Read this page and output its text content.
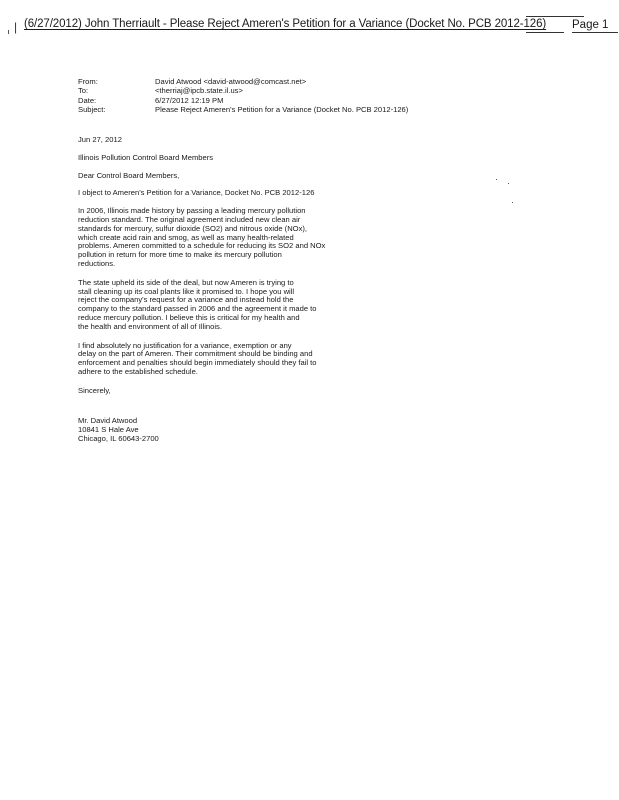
| (6/27/2012) John Therriault - Please Reject Ameren's Petition for a Variance (Docket No. PCB 2012-126) Page 1
From:	David Atwood <david-atwood@comcast.net>
To:	<therriaj@ipcb.state.il.us>
Date:	6/27/2012 12:19 PM
Subject:	Please Reject Ameren's Petition for a Variance (Docket No. PCB 2012-126)

Jun 27, 2012

Illinois Pollution Control Board Members

Dear Control Board Members,

I object to Ameren's Petition for a Variance, Docket No. PCB 2012-126

In 2006, Illinois made history by passing a leading mercury pollution
reduction standard. The original agreement included new clean air
standards for mercury, sulfur dioxide (SO2) and nitrous oxide (NOx),
which create acid rain and smog, as well as many health-related
problems. Ameren committed to a schedule for reducing its SO2 and NOx
pollution in return for more time to make its mercury pollution
reductions.

The state upheld its side of the deal, but now Ameren is trying to
stall cleaning up its coal plants like it promised to. I hope you will
reject the company's request for a variance and instead hold the
company to the standard passed in 2006 and the agreement it made to
reduce mercury pollution. I believe this is critical for my health and
the health and environment of all of Illinois.

I find absolutely no justification for a variance, exemption or any
delay on the part of Ameren. Their commitment should be binding and
enforcement and penalties should begin immediately should they fail to
adhere to the established schedule.

Sincerely,

Mr. David Atwood
10841 S Hale Ave
Chicago, IL 60643-2700
